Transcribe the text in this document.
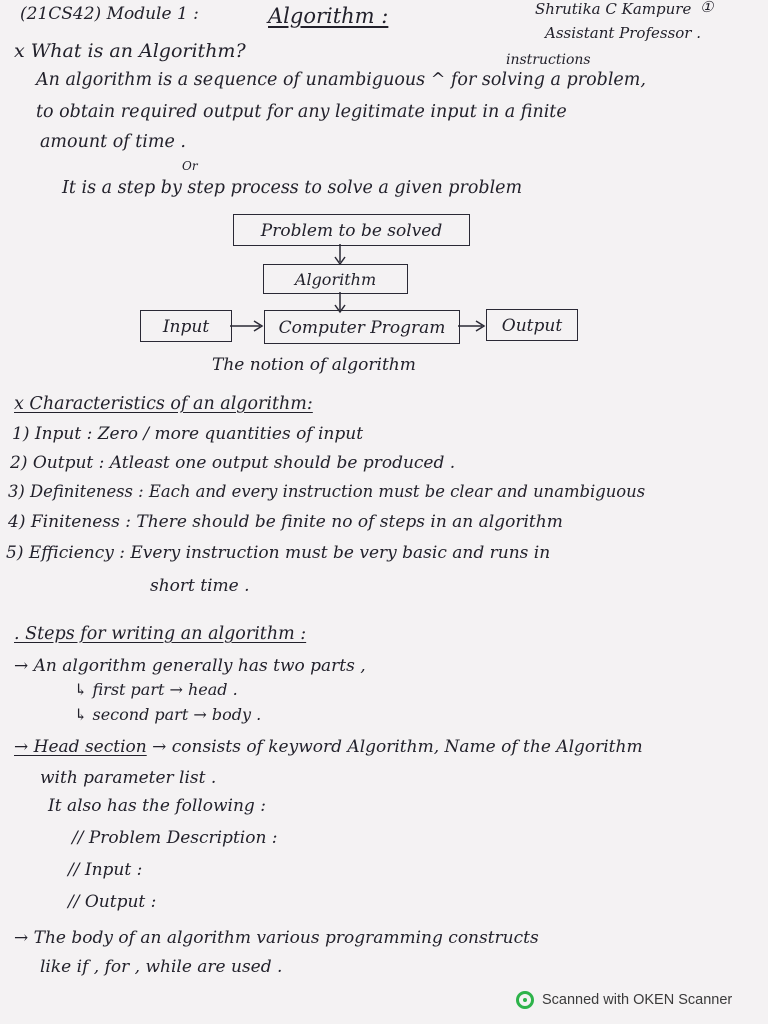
(21CS42) Module 1 :	Algorithm :	Shrutika C Kampure ①
Assistant Professor .
x What is an Algorithm?	instructions
An algorithm is a sequence of unambiguous ^ for solving a problem,
to obtain required output for any legitimate input in a finite
amount of time .
Or
It is a step by step process to solve a given problem
Problem to be solved
Algorithm
Input	Computer Program	Output
The notion of algorithm
x Characteristics of an algorithm:
1) Input : Zero / more quantities of input
2) Output : Atleast one output should be produced .
3) Definiteness : Each and every instruction must be clear and unambiguous
4) Finiteness : There should be finite no of steps in an algorithm
5) Efficiency : Every instruction must be very basic and runs in
short time .
. Steps for writing an algorithm :
→ An algorithm generally has two parts ,
↳ first part → head .
↳ second part → body .
→ Head section → consists of keyword Algorithm, Name of the Algorithm
with parameter list .
It also has the following :
// Problem Description :
// Input :
// Output :
→ The body of an algorithm various programming constructs
like if , for , while are used .
Scanned with OKEN Scanner
